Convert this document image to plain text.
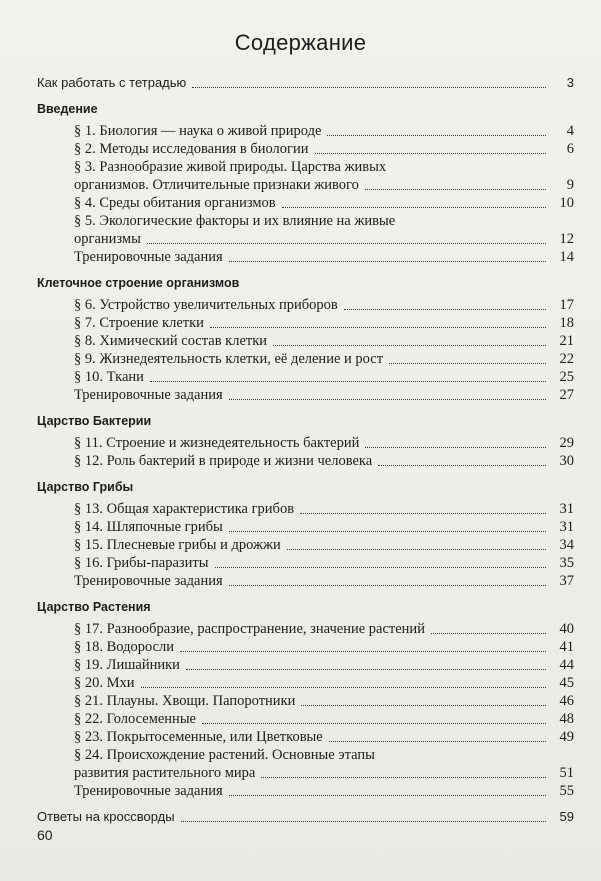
Содержание
Как работать с тетрадью	3
Введение
§ 1. Биология — наука о живой природе	4
§ 2. Методы исследования в биологии	6
§ 3. Разнообразие живой природы. Царства живых
организмов. Отличительные признаки живого	9
§ 4. Среды обитания организмов	10
§ 5. Экологические факторы и их влияние на живые
организмы	12
Тренировочные задания	14
Клеточное строение организмов
§ 6. Устройство увеличительных приборов	17
§ 7. Строение клетки	18
§ 8. Химический состав клетки	21
§ 9. Жизнедеятельность клетки, её деление и рост	22
§ 10. Ткани	25
Тренировочные задания	27
Царство Бактерии
§ 11. Строение и жизнедеятельность бактерий	29
§ 12. Роль бактерий в природе и жизни человека	30
Царство Грибы
§ 13. Общая характеристика грибов	31
§ 14. Шляпочные грибы	31
§ 15. Плесневые грибы и дрожжи	34
§ 16. Грибы-паразиты	35
Тренировочные задания	37
Царство Растения
§ 17. Разнообразие, распространение, значение растений	40
§ 18. Водоросли	41
§ 19. Лишайники	44
§ 20. Мхи	45
§ 21. Плауны. Хвощи. Папоротники	46
§ 22. Голосеменные	48
§ 23. Покрытосеменные, или Цветковые	49
§ 24. Происхождение растений. Основные этапы
развития растительного мира	51
Тренировочные задания	55
Ответы на кроссворды	59
60
